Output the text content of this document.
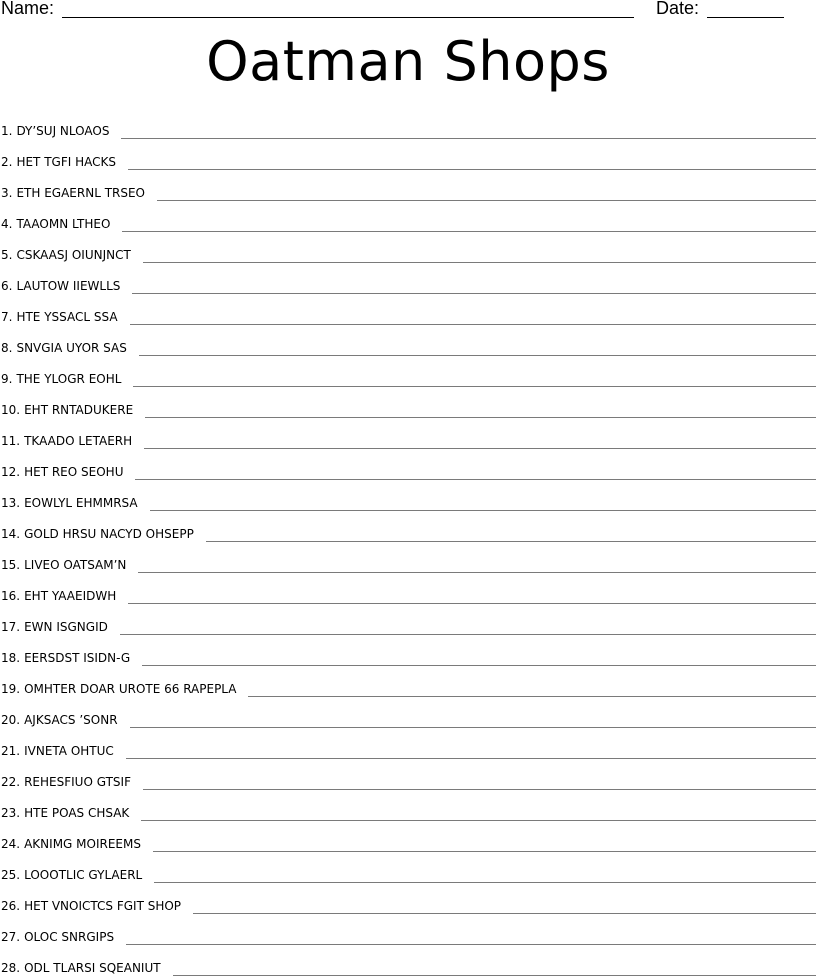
Name:	Date:
Oatman Shops
1. DY’SUJ NLOAOS
2. HET TGFI HACKS
3. ETH EGAERNL TRSEO
4. TAAOMN LTHEO
5. CSKAASJ OIUNJNCT
6. LAUTOW IIEWLLS
7. HTE YSSACL SSA
8. SNVGIA UYOR SAS
9. THE YLOGR EOHL
10. EHT RNTADUKERE
11. TKAADO LETAERH
12. HET REO SEOHU
13. EOWLYL EHMMRSA
14. GOLD HRSU NACYD OHSEPP
15. LIVEO OATSAM’N
16. EHT YAAEIDWH
17. EWN ISGNGID
18. EERSDST ISIDN-G
19. OMHTER DOAR UROTE 66 RAPEPLA
20. AJKSACS ’SONR
21. IVNETA OHTUC
22. REHESFIUO GTSIF
23. HTE POAS CHSAK
24. AKNIMG MOIREEMS
25. LOOOTLIC GYLAERL
26. HET VNOICTCS FGIT SHOP
27. OLOC SNRGIPS
28. ODL TLARSI SQEANIUT
